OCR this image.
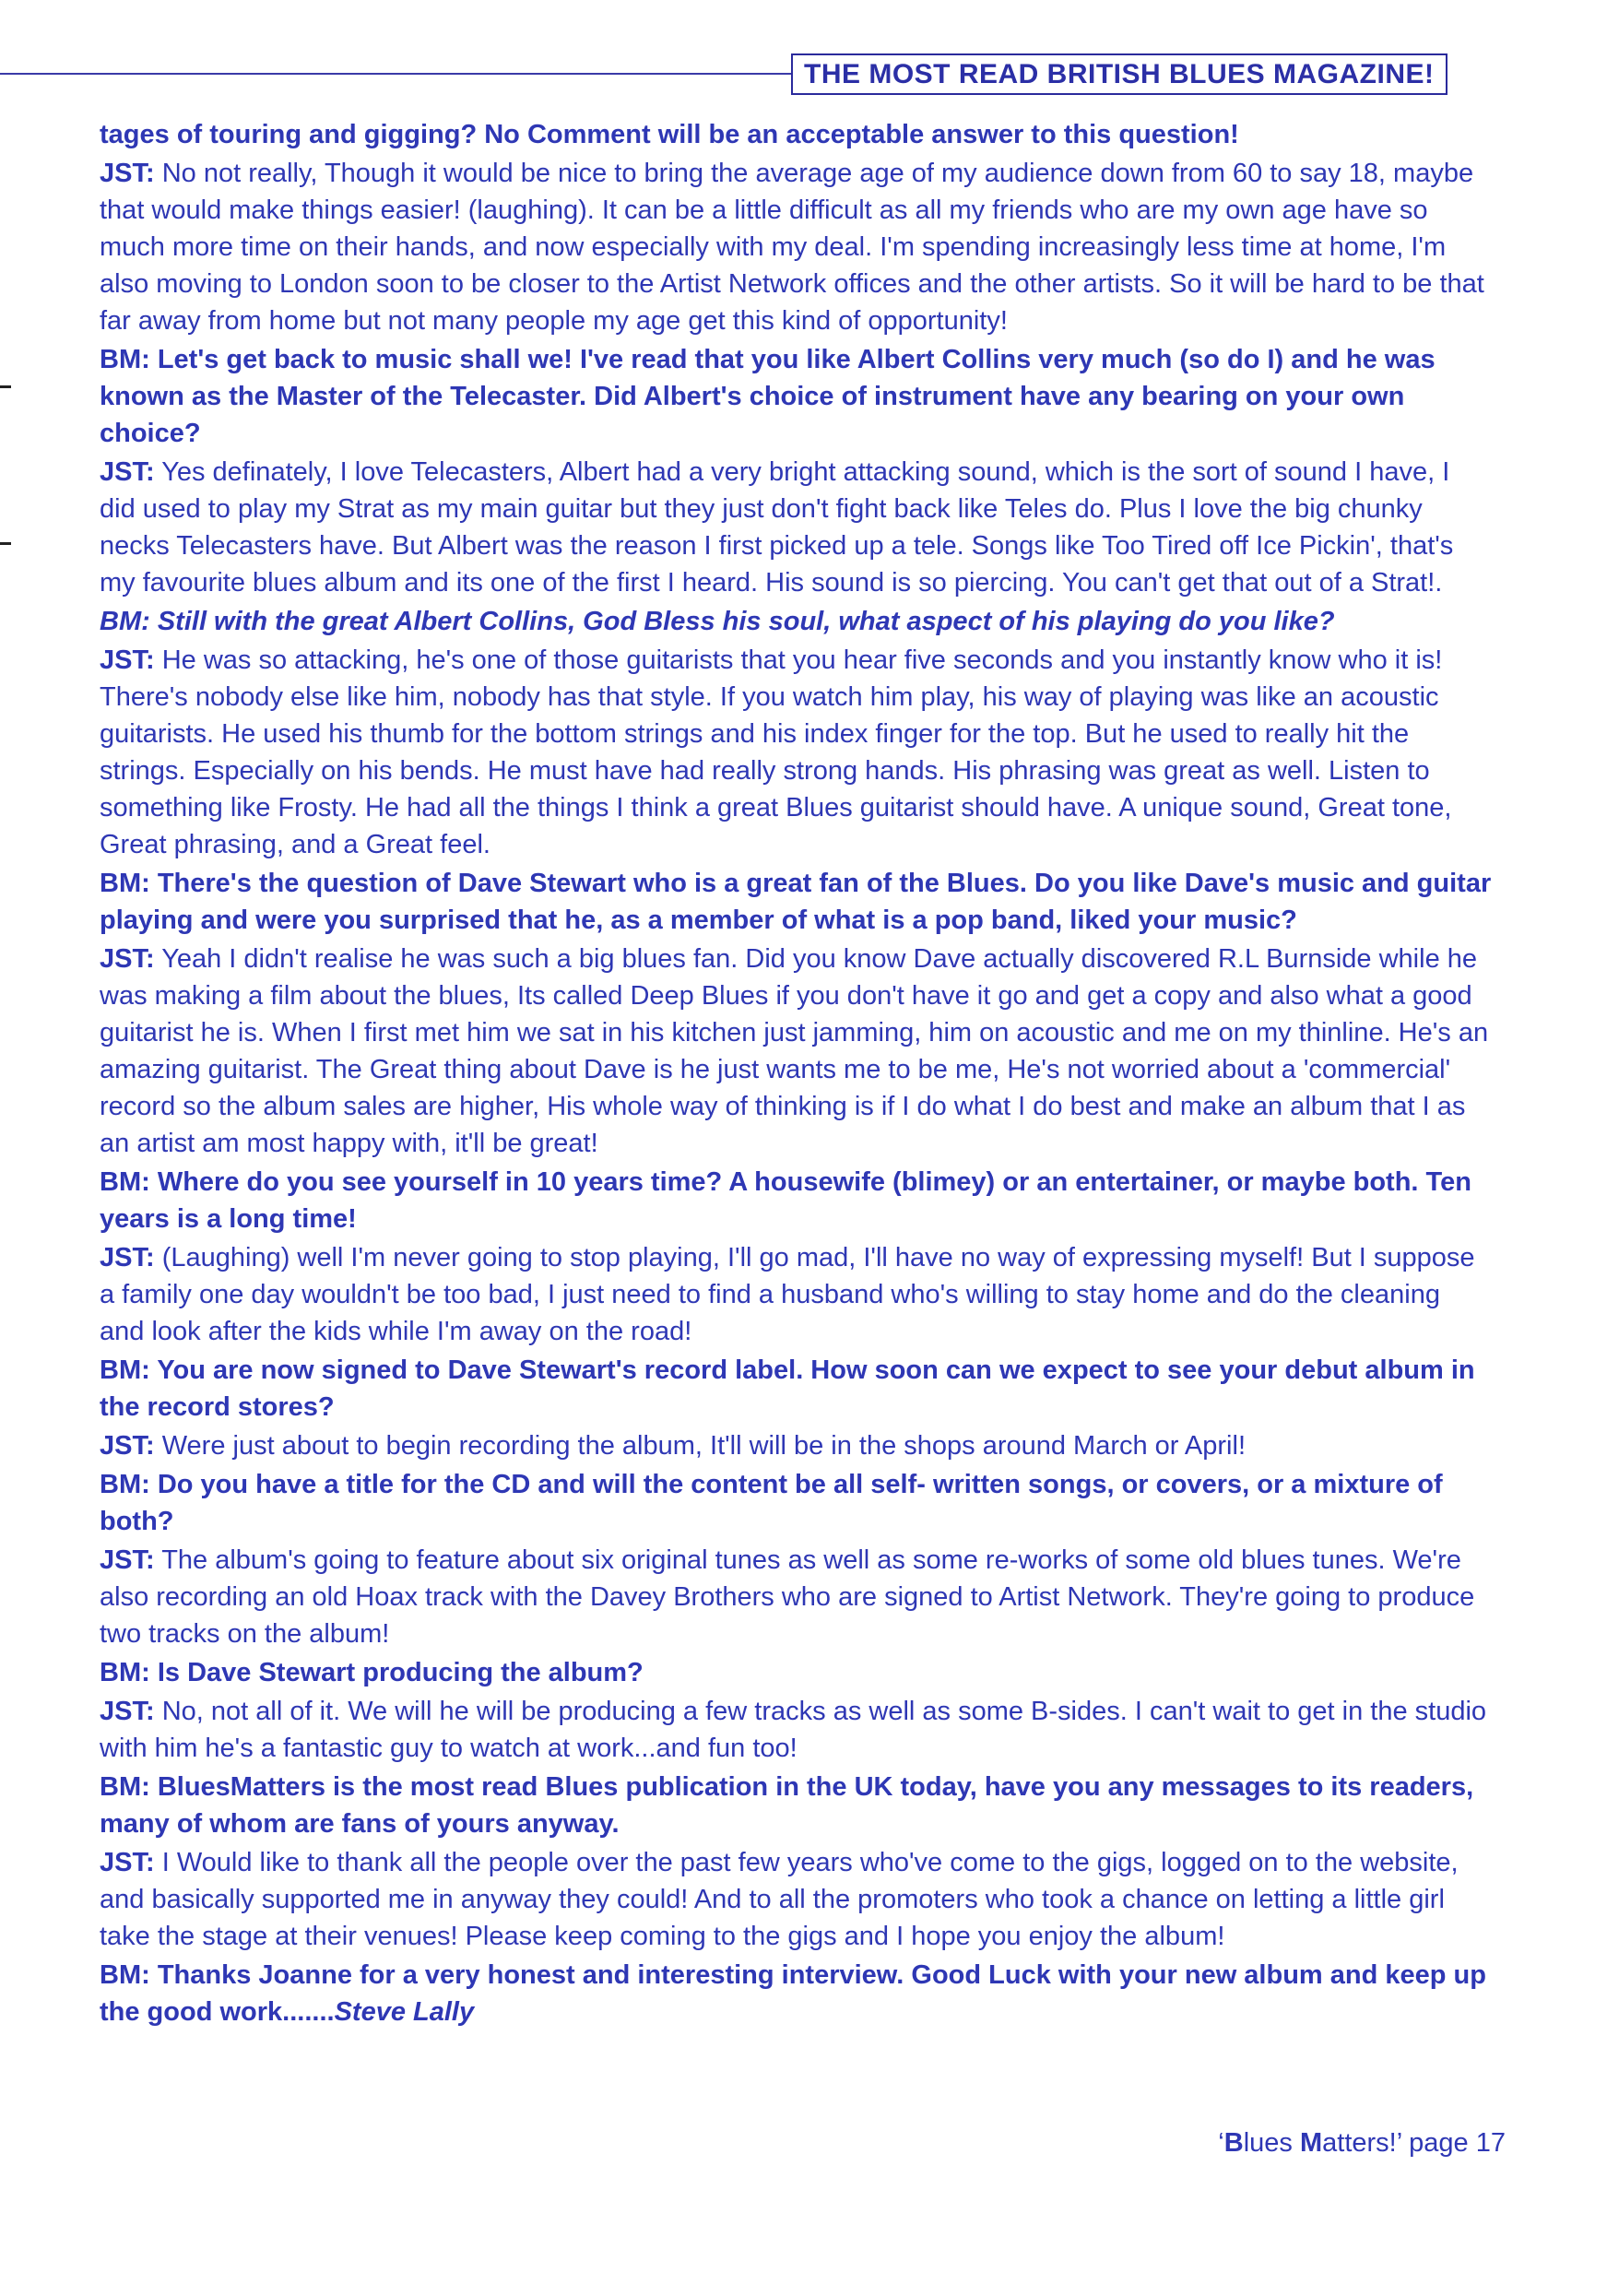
THE MOST READ BRITISH BLUES MAGAZINE!

tages of touring and gigging? No Comment will be an acceptable answer to this question!

JST: No not really, Though it would be nice to bring the average age of my audience down from 60 to say 18, maybe that would make things easier! (laughing). It can be a little difficult as all my friends who are my own age have so much more time on their hands, and now especially with my deal. I'm spending increasingly less time at home, I'm also moving to London soon to be closer to the Artist Network offices and the other artists. So it will be hard to be that far away from home but not many people my age get this kind of opportunity!

BM: Let's get back to music shall we! I've read that you like Albert Collins very much (so do I) and he was known as the Master of the Telecaster. Did Albert's choice of instrument have any bearing on your own choice?

JST: Yes definately, I love Telecasters, Albert had a very bright attacking sound, which is the sort of sound I have, I did used to play my Strat as my main guitar but they just don't fight back like Teles do. Plus I love the big chunky necks Telecasters have. But Albert was the reason I first picked up a tele. Songs like Too Tired off Ice Pickin', that's my favourite blues album and its one of the first I heard. His sound is so piercing. You can't get that out of a Strat!.

BM: Still with the great Albert Collins, God Bless his soul, what aspect of his playing do you like?

JST: He was so attacking, he's one of those guitarists that you hear five seconds and you instantly know who it is! There's nobody else like him, nobody has that style. If you watch him play, his way of playing was like an acoustic guitarists. He used his thumb for the bottom strings and his index finger for the top. But he used to really hit the strings. Especially on his bends. He must have had really strong hands. His phrasing was great as well. Listen to something like Frosty. He had all the things I think a great Blues guitarist should have. A unique sound, Great tone, Great phrasing, and a Great feel.

BM: There's the question of Dave Stewart who is a great fan of the Blues. Do you like Dave's music and guitar playing and were you surprised that he, as a member of what is a pop band, liked your music?

JST: Yeah I didn't realise he was such a big blues fan. Did you know Dave actually discovered R.L Burnside while he was making a film about the blues, Its called Deep Blues if you don't have it go and get a copy and also what a good guitarist he is. When I first met him we sat in his kitchen just jamming, him on acoustic and me on my thinline. He's an amazing guitarist. The Great thing about Dave is he just wants me to be me, He's not worried about a 'commercial' record so the album sales are higher, His whole way of thinking is if I do what I do best and make an album that I as an artist am most happy with, it'll be great!

BM: Where do you see yourself in 10 years time? A housewife (blimey) or an entertainer, or maybe both. Ten years is a long time!

JST: (Laughing) well I'm never going to stop playing, I'll go mad, I'll have no way of expressing myself! But I suppose a family one day wouldn't be too bad, I just need to find a husband who's willing to stay home and do the cleaning and look after the kids while I'm away on the road!

BM: You are now signed to Dave Stewart's record label. How soon can we expect to see your debut album in the record stores?

JST: Were just about to begin recording the album, It'll will be in the shops around March or April!

BM: Do you have a title for the CD and will the content be all self- written songs, or covers, or a mixture of both?

JST: The album's going to feature about six original tunes as well as some re-works of some old blues tunes. We're also recording an old Hoax track with the Davey Brothers who are signed to Artist Network. They're going to produce two tracks on the album!

BM: Is Dave Stewart producing the album?

JST: No, not all of it. We will he will be producing a few tracks as well as some B-sides. I can't wait to get in the studio with him he's a fantastic guy to watch at work...and fun too!

BM: BluesMatters is the most read Blues publication in the UK today, have you any messages to its readers, many of whom are fans of yours anyway.

JST: I Would like to thank all the people over the past few years who've come to the gigs, logged on to the website, and basically supported me in anyway they could! And to all the promoters who took a chance on letting a little girl take the stage at their venues! Please keep coming to the gigs and I hope you enjoy the album!

BM: Thanks Joanne for a very honest and interesting interview. Good Luck with your new album and keep up the good work.......Steve Lally

‘Blues Matters!’ page 17
